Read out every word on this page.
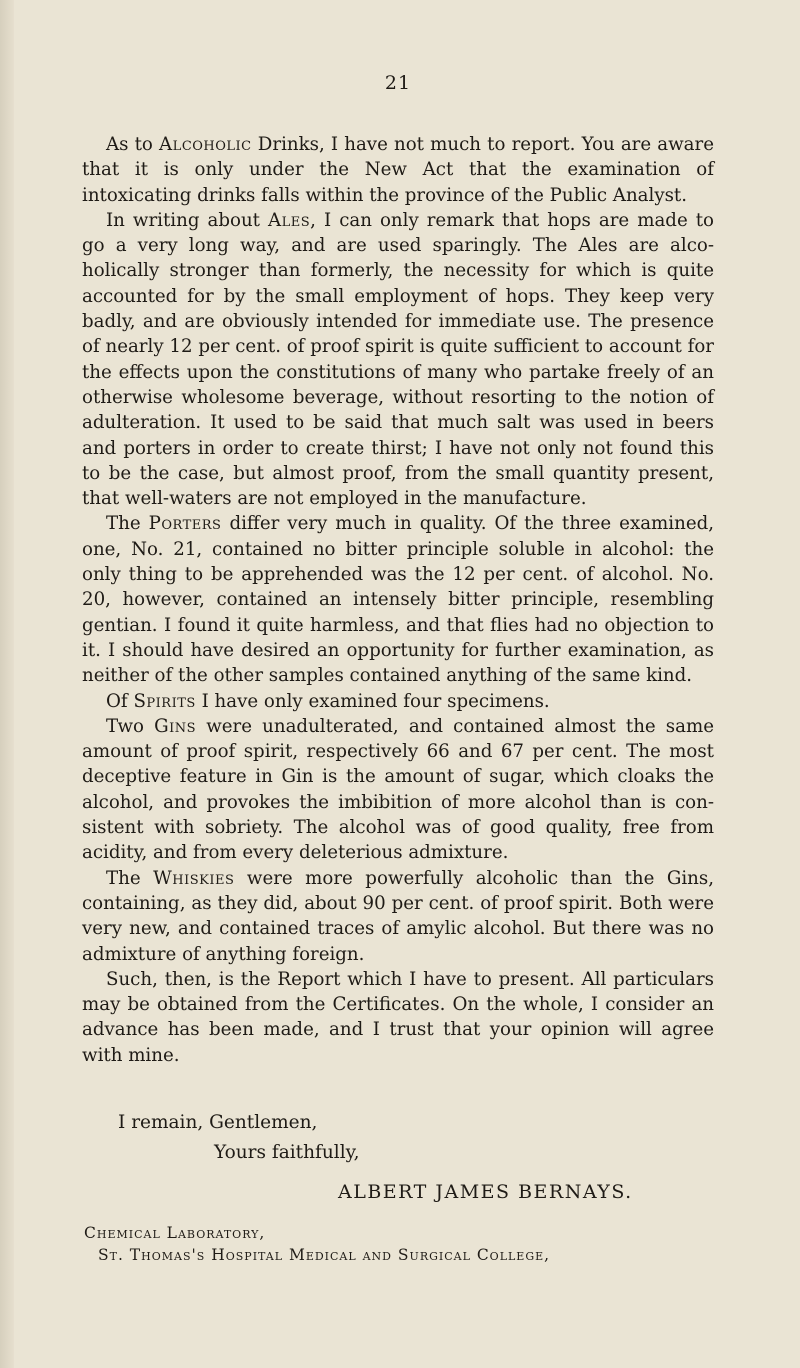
21

As to Alcoholic Drinks, I have not much to report. You are aware that it is only under the New Act that the examination of intoxicating drinks falls within the province of the Public Analyst.

In writing about Ales, I can only remark that hops are made to go a very long way, and are used sparingly. The Ales are alcoholically stronger than formerly, the necessity for which is quite accounted for by the small employment of hops. They keep very badly, and are obviously intended for immediate use. The presence of nearly 12 per cent. of proof spirit is quite sufficient to account for the effects upon the constitutions of many who partake freely of an otherwise wholesome beverage, without resorting to the notion of adulteration. It used to be said that much salt was used in beers and porters in order to create thirst; I have not only not found this to be the case, but almost proof, from the small quantity present, that well-waters are not employed in the manufacture.

The Porters differ very much in quality. Of the three examined, one, No. 21, contained no bitter principle soluble in alcohol: the only thing to be apprehended was the 12 per cent. of alcohol. No. 20, however, contained an intensely bitter principle, resembling gentian. I found it quite harmless, and that flies had no objection to it. I should have desired an opportunity for further examination, as neither of the other samples contained anything of the same kind.

Of Spirits I have only examined four specimens.

Two Gins were unadulterated, and contained almost the same amount of proof spirit, respectively 66 and 67 per cent. The most deceptive feature in Gin is the amount of sugar, which cloaks the alcohol, and provokes the imbibition of more alcohol than is consistent with sobriety. The alcohol was of good quality, free from acidity, and from every deleterious admixture.

The Whiskies were more powerfully alcoholic than the Gins, containing, as they did, about 90 per cent. of proof spirit. Both were very new, and contained traces of amylic alcohol. But there was no admixture of anything foreign.

Such, then, is the Report which I have to present. All particulars may be obtained from the Certificates. On the whole, I consider an advance has been made, and I trust that your opinion will agree with mine.

I remain, Gentlemen,
Yours faithfully,
ALBERT JAMES BERNAYS.
Chemical Laboratory,
St. Thomas's Hospital Medical and Surgical College,
